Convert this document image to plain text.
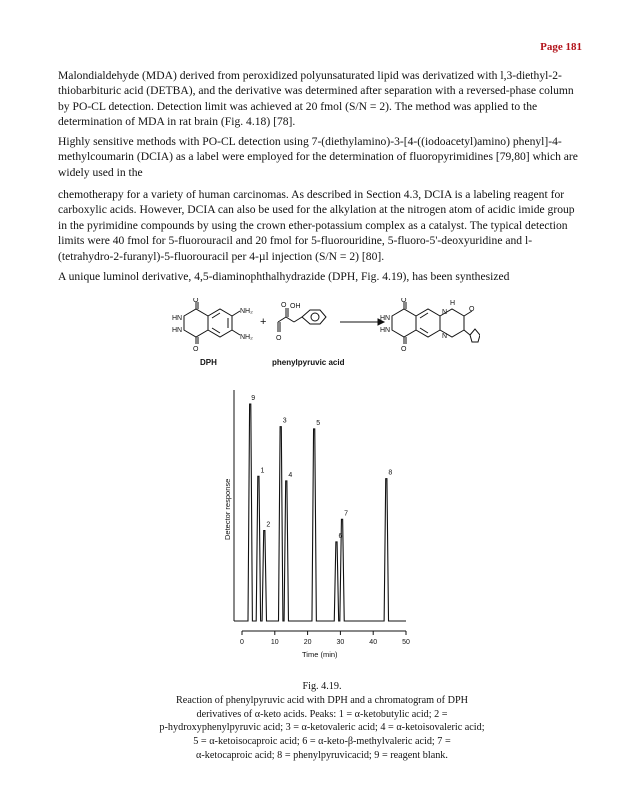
Page 181

Malondialdehyde (MDA) derived from peroxidized polyunsaturated lipid was derivatized with l,3-diethyl-2-thiobarbituric acid (DETBA), and the derivative was determined after separation with a reversed-phase column by PO-CL detection. Detection limit was achieved at 20 fmol (S/N = 2). The method was applied to the determination of MDA in rat brain (Fig. 4.18) [78].

Highly sensitive methods with PO-CL detection using 7-(diethylamino)-3-[4-((iodoacetyl)amino) phenyl]-4-methylcoumarin (DCIA) as a label were employed for the determination of fluoropyrimidines [79,80] which are widely used in the

chemotherapy for a variety of human carcinomas. As described in Section 4.3, DCIA is a labeling reagent for carboxylic acids. However, DCIA can also be used for the alkylation at the nitrogen atom of acidic imide group in the pyrimidine compounds by using the crown ether-potassium complex as a catalyst. The typical detection limits were 40 fmol for 5-fluorouracil and 20 fmol for 5-fluorouridine, 5-fluoro-5'-deoxyuridine and l-(tetrahydro-2-furanyl)-5-fluorouracil per 4-µl injection (S/N = 2) [80].

A unique luminol derivative, 4,5-diaminophthalhydrazide (DPH, Fig. 4.19), has been synthesized

HN
HN
O
O
NH₂
NH₂
+
OH
O
O
HN
HN
O
O
H
N
N
O
DPH	phenylpyruvic acid
0	10	20	30	40	50
9
1
2
3
4
5
6
7
8
Time (min)
Detector response
Fig. 4.19.
Reaction of phenylpyruvic acid with DPH and a chromatogram of DPH
derivatives of α-keto acids. Peaks: 1 = α-ketobutylic acid; 2 =
p-hydroxyphenylpyruvic acid; 3 = α-ketovaleric acid; 4 = α-ketoisovaleric acid;
5 = α-ketoisocaproic acid; 6 = α-keto-β-methylvaleric acid; 7 =
α-ketocaproic acid; 8 = phenylpyruvicacid; 9 = reagent blank.
